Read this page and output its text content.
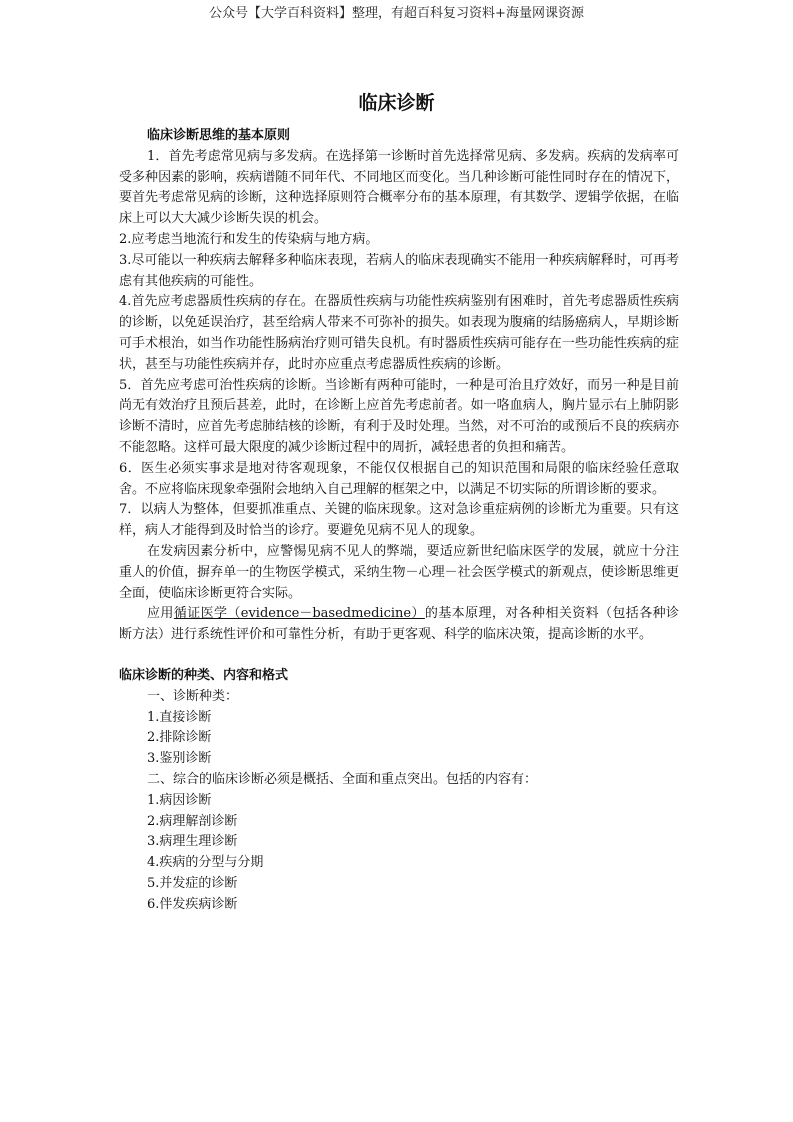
公众号【大学百科资料】整理，有超百科复习资料+海量网课资源
临床诊断

临床诊断思维的基本原则

1．首先考虑常见病与多发病。在选择第一诊断时首先选择常见病、多发病。疾病的发病率可受多种因素的影响，疾病谱随不同年代、不同地区而变化。当几种诊断可能性同时存在的情况下，要首先考虑常见病的诊断，这种选择原则符合概率分布的基本原理，有其数学、逻辑学依据，在临床上可以大大减少诊断失误的机会。

2.应考虑当地流行和发生的传染病与地方病。

3.尽可能以一种疾病去解释多种临床表现，若病人的临床表现确实不能用一种疾病解释时，可再考虑有其他疾病的可能性。

4.首先应考虑器质性疾病的存在。在器质性疾病与功能性疾病鉴别有困难时，首先考虑器质性疾病的诊断，以免延误治疗，甚至给病人带来不可弥补的损失。如表现为腹痛的结肠癌病人，早期诊断可手术根治，如当作功能性肠病治疗则可错失良机。有时器质性疾病可能存在一些功能性疾病的症状，甚至与功能性疾病并存，此时亦应重点考虑器质性疾病的诊断。

5．首先应考虑可治性疾病的诊断。当诊断有两种可能时，一种是可治且疗效好，而另一种是目前尚无有效治疗且预后甚差，此时，在诊断上应首先考虑前者。如一咯血病人，胸片显示右上肺阴影诊断不清时，应首先考虑肺结核的诊断，有利于及时处理。当然，对不可治的或预后不良的疾病亦不能忽略。这样可最大限度的减少诊断过程中的周折，减轻患者的负担和痛苦。

6．医生必须实事求是地对待客观现象，不能仅仅根据自己的知识范围和局限的临床经验任意取舍。不应将临床现象牵强附会地纳入自己理解的框架之中，以满足不切实际的所谓诊断的要求。

7．以病人为整体，但要抓准重点、关键的临床现象。这对急诊重症病例的诊断尤为重要。只有这样，病人才能得到及时恰当的诊疗。要避免见病不见人的现象。

在发病因素分析中，应警惕见病不见人的弊端，要适应新世纪临床医学的发展，就应十分注重人的价值，摒弃单一的生物医学模式，采纳生物－心理－社会医学模式的新观点，使诊断思维更全面，使临床诊断更符合实际。

应用循证医学（evidence－basedmedicine）的基本原理，对各种相关资料（包括各种诊断方法）进行系统性评价和可靠性分析，有助于更客观、科学的临床决策，提高诊断的水平。

临床诊断的种类、内容和格式

一、诊断种类：

1.直接诊断

2.排除诊断

3.鉴别诊断

二、综合的临床诊断必须是概括、全面和重点突出。包括的内容有：

1.病因诊断

2.病理解剖诊断

3.病理生理诊断

4.疾病的分型与分期

5.并发症的诊断

6.伴发疾病诊断
